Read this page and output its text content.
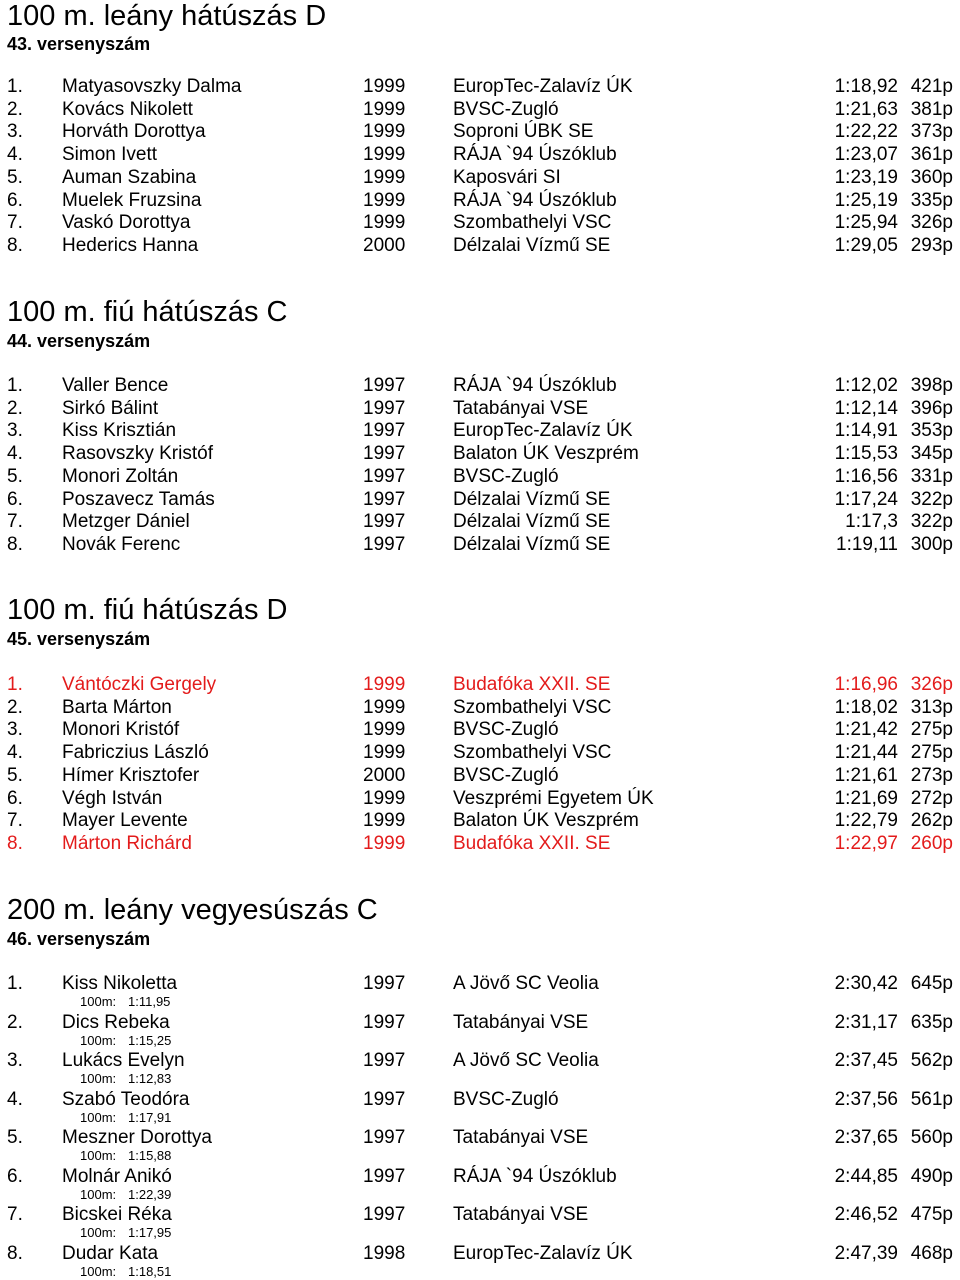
100 m. leány hátúszás D
43. versenyszám
1. Matyasovszky Dalma	1999	EuropTec-Zalavíz ÚK	1:18,92 421p
2. Kovács Nikolett	1999	BVSC-Zugló	1:21,63 381p
3. Horváth Dorottya	1999	Soproni ÚBK SE	1:22,22 373p
4. Simon Ivett	1999	RÁJA `94 Úszóklub	1:23,07 361p
5. Auman Szabina	1999	Kaposvári SI	1:23,19 360p
6. Muelek Fruzsina	1999	RÁJA `94 Úszóklub	1:25,19 335p
7. Vaskó Dorottya	1999	Szombathelyi VSC	1:25,94 326p
8. Hederics Hanna	2000	Délzalai Vízmű SE	1:29,05 293p
100 m. fiú hátúszás C
44. versenyszám
1. Valler Bence	1997	RÁJA `94 Úszóklub	1:12,02 398p
2. Sirkó Bálint	1997	Tatabányai VSE	1:12,14 396p
3. Kiss Krisztián	1997	EuropTec-Zalavíz ÚK	1:14,91 353p
4. Rasovszky Kristóf	1997	Balaton ÚK Veszprém	1:15,53 345p
5. Monori Zoltán	1997	BVSC-Zugló	1:16,56 331p
6. Poszavecz Tamás	1997	Délzalai Vízmű SE	1:17,24 322p
7. Metzger Dániel	1997	Délzalai Vízmű SE	1:17,3 322p
8. Novák Ferenc	1997	Délzalai Vízmű SE	1:19,11 300p
100 m. fiú hátúszás D
45. versenyszám
1. Vántóczki Gergely	1999	Budafóka XXII. SE	1:16,96 326p
2. Barta Márton	1999	Szombathelyi VSC	1:18,02 313p
3. Monori Kristóf	1999	BVSC-Zugló	1:21,42 275p
4. Fabriczius László	1999	Szombathelyi VSC	1:21,44 275p
5. Hímer Krisztofer	2000	BVSC-Zugló	1:21,61 273p
6. Végh István	1999	Veszprémi Egyetem ÚK	1:21,69 272p
7. Mayer Levente	1999	Balaton ÚK Veszprém	1:22,79 262p
8. Márton Richárd	1999	Budafóka XXII. SE	1:22,97 260p
200 m. leány vegyesúszás C
46. versenyszám
1. Kiss Nikoletta	1997	A Jövő SC Veolia	2:30,42 645p
100m: 1:11,95
2. Dics Rebeka	1997	Tatabányai VSE	2:31,17 635p
100m: 1:15,25
3. Lukács Evelyn	1997	A Jövő SC Veolia	2:37,45 562p
100m: 1:12,83
4. Szabó Teodóra	1997	BVSC-Zugló	2:37,56 561p
100m: 1:17,91
5. Meszner Dorottya	1997	Tatabányai VSE	2:37,65 560p
100m: 1:15,88
6. Molnár Anikó	1997	RÁJA `94 Úszóklub	2:44,85 490p
100m: 1:22,39
7. Bicskei Réka	1997	Tatabányai VSE	2:46,52 475p
100m: 1:17,95
8. Dudar Kata	1998	EuropTec-Zalavíz ÚK	2:47,39 468p
100m: 1:18,51
